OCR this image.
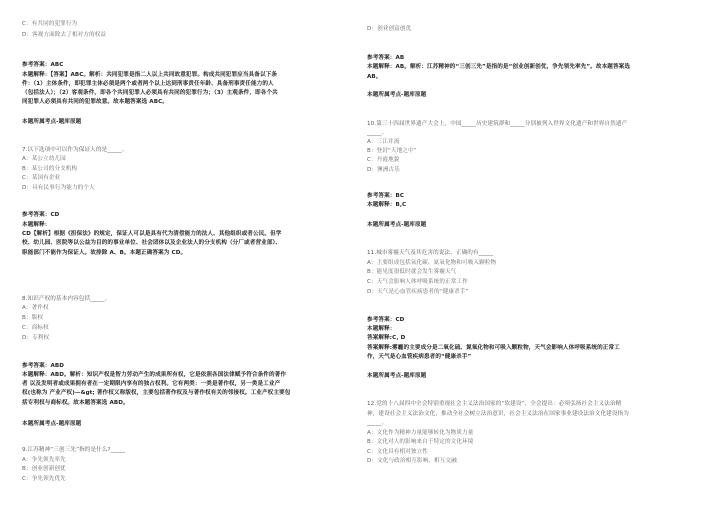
C：有共同的犯罪行为
D：客观方面除去了相对方的权益
参考答案：ABC
本题解释：【答案】ABC。解析：共同犯罪是指二人以上共同故意犯罪。构成共同犯罪应当具备以下条
件：（1）主体条件，即犯罪主体必须是两个或者两个以上达到刑事责任年龄、具备刑事责任能力的人
（包括法人）；（2）客观条件，即各个共同犯罪人必须具有共同的犯罪行为；（3）主观条件，即各个共
同犯罪人必须具有共同的犯罪故意。故本题答案选 ABC。
本题所属考点-题库原题
7.以下选项中可以作为保证人的是_____。
A：某公立幼儿园
B：某公司的分支机构
C：某国有企业
D：具有民事行为能力的个人
参考答案：CD
本题解释：
CD【解析】根据《担保法》的规定，保证人可以是具有代为清偿能力的法人、其他组织或者公民。但学
校、幼儿园、医院等以公益为目的的事业单位、社会团体以及企业法人的分支机构（分厂或者营业部）、
职能部门不能作为保证人。故排除 A、B。本题正确答案为 CD。
8.知识产权的基本内容包括_____。
A：著作权
B：版权
C：商标权
D：专利权
参考答案：ABD
本题解释：ABD。解析：知识产权是智力劳动产生的成果所有权，它是依照各国法律赋予符合条件的著作
者 以及发明者或成果拥有者在一定期限内享有的独占权利。它有两类：一类是著作权，另一类是工业产
权(也称为 产业产权)—&gt; 著作权又称版权，主要包括著作权及与著作权有关的邻接权。工业产权主要包
括专利权与商标权。故本题答案选 ABD。
本题所属考点-题库原题
9.江苏精神“三创三先”指的是什么?_____
A：争先领先率先
B：创业创新创优
C：争先领先优先
D：创业创富创优
参考答案：AB
本题解释：AB。解析：江苏精神的“三创三先”是指的是“创业创新创优，争先领先率先”。故本题答案选
AB。
本题所属考点-题库原题
10.第三十四届世界遗产大会上，中国_____历史建筑群和_____分别被列入世界文化遗产和世界自然遗产
_____。
A：三江并流
B：登封“天地之中”
C：丹霞地貌
D：澳洲古乐
参考答案：BC
本题解释：B,C
本题所属考点-题库原题
11.城市雾霾天气及其危害的说法，正确的有_____
A：主要组成包括氧化碳、氮氧化物和可吸入颗粒物
B：能见度很低时就会发生雾霾天气
C：天气会影响人体呼吸系统的正常工作
D：天气是心血管疾病患者的“健康杀手”
参考答案：CD
本题解释：
答案解释:C, D
答案解释:雾霾的主要成分是二氧化硫、氮氧化物和可吸入颗粒物，天气会影响人体呼吸系统的正常工
作，天气是心血管疾病患者的“健康杀手”
本题所属考点-题库原题
12.党的十八届四中全会特别重视社会主义法治国家的“软建设”，全会提出：必须弘扬社会主义法治精
神，建设社会主义法治文化，推动全社会树立法治意识，社会主义法治在国家事业建设法治文化建设指为
_____。
A：文化作为精神力量能够转化为物质力量
B：文化对人的影响来自于特定的文化环境
C：文化具有相对独立性
D：文化与政治相互影响、相互交融
